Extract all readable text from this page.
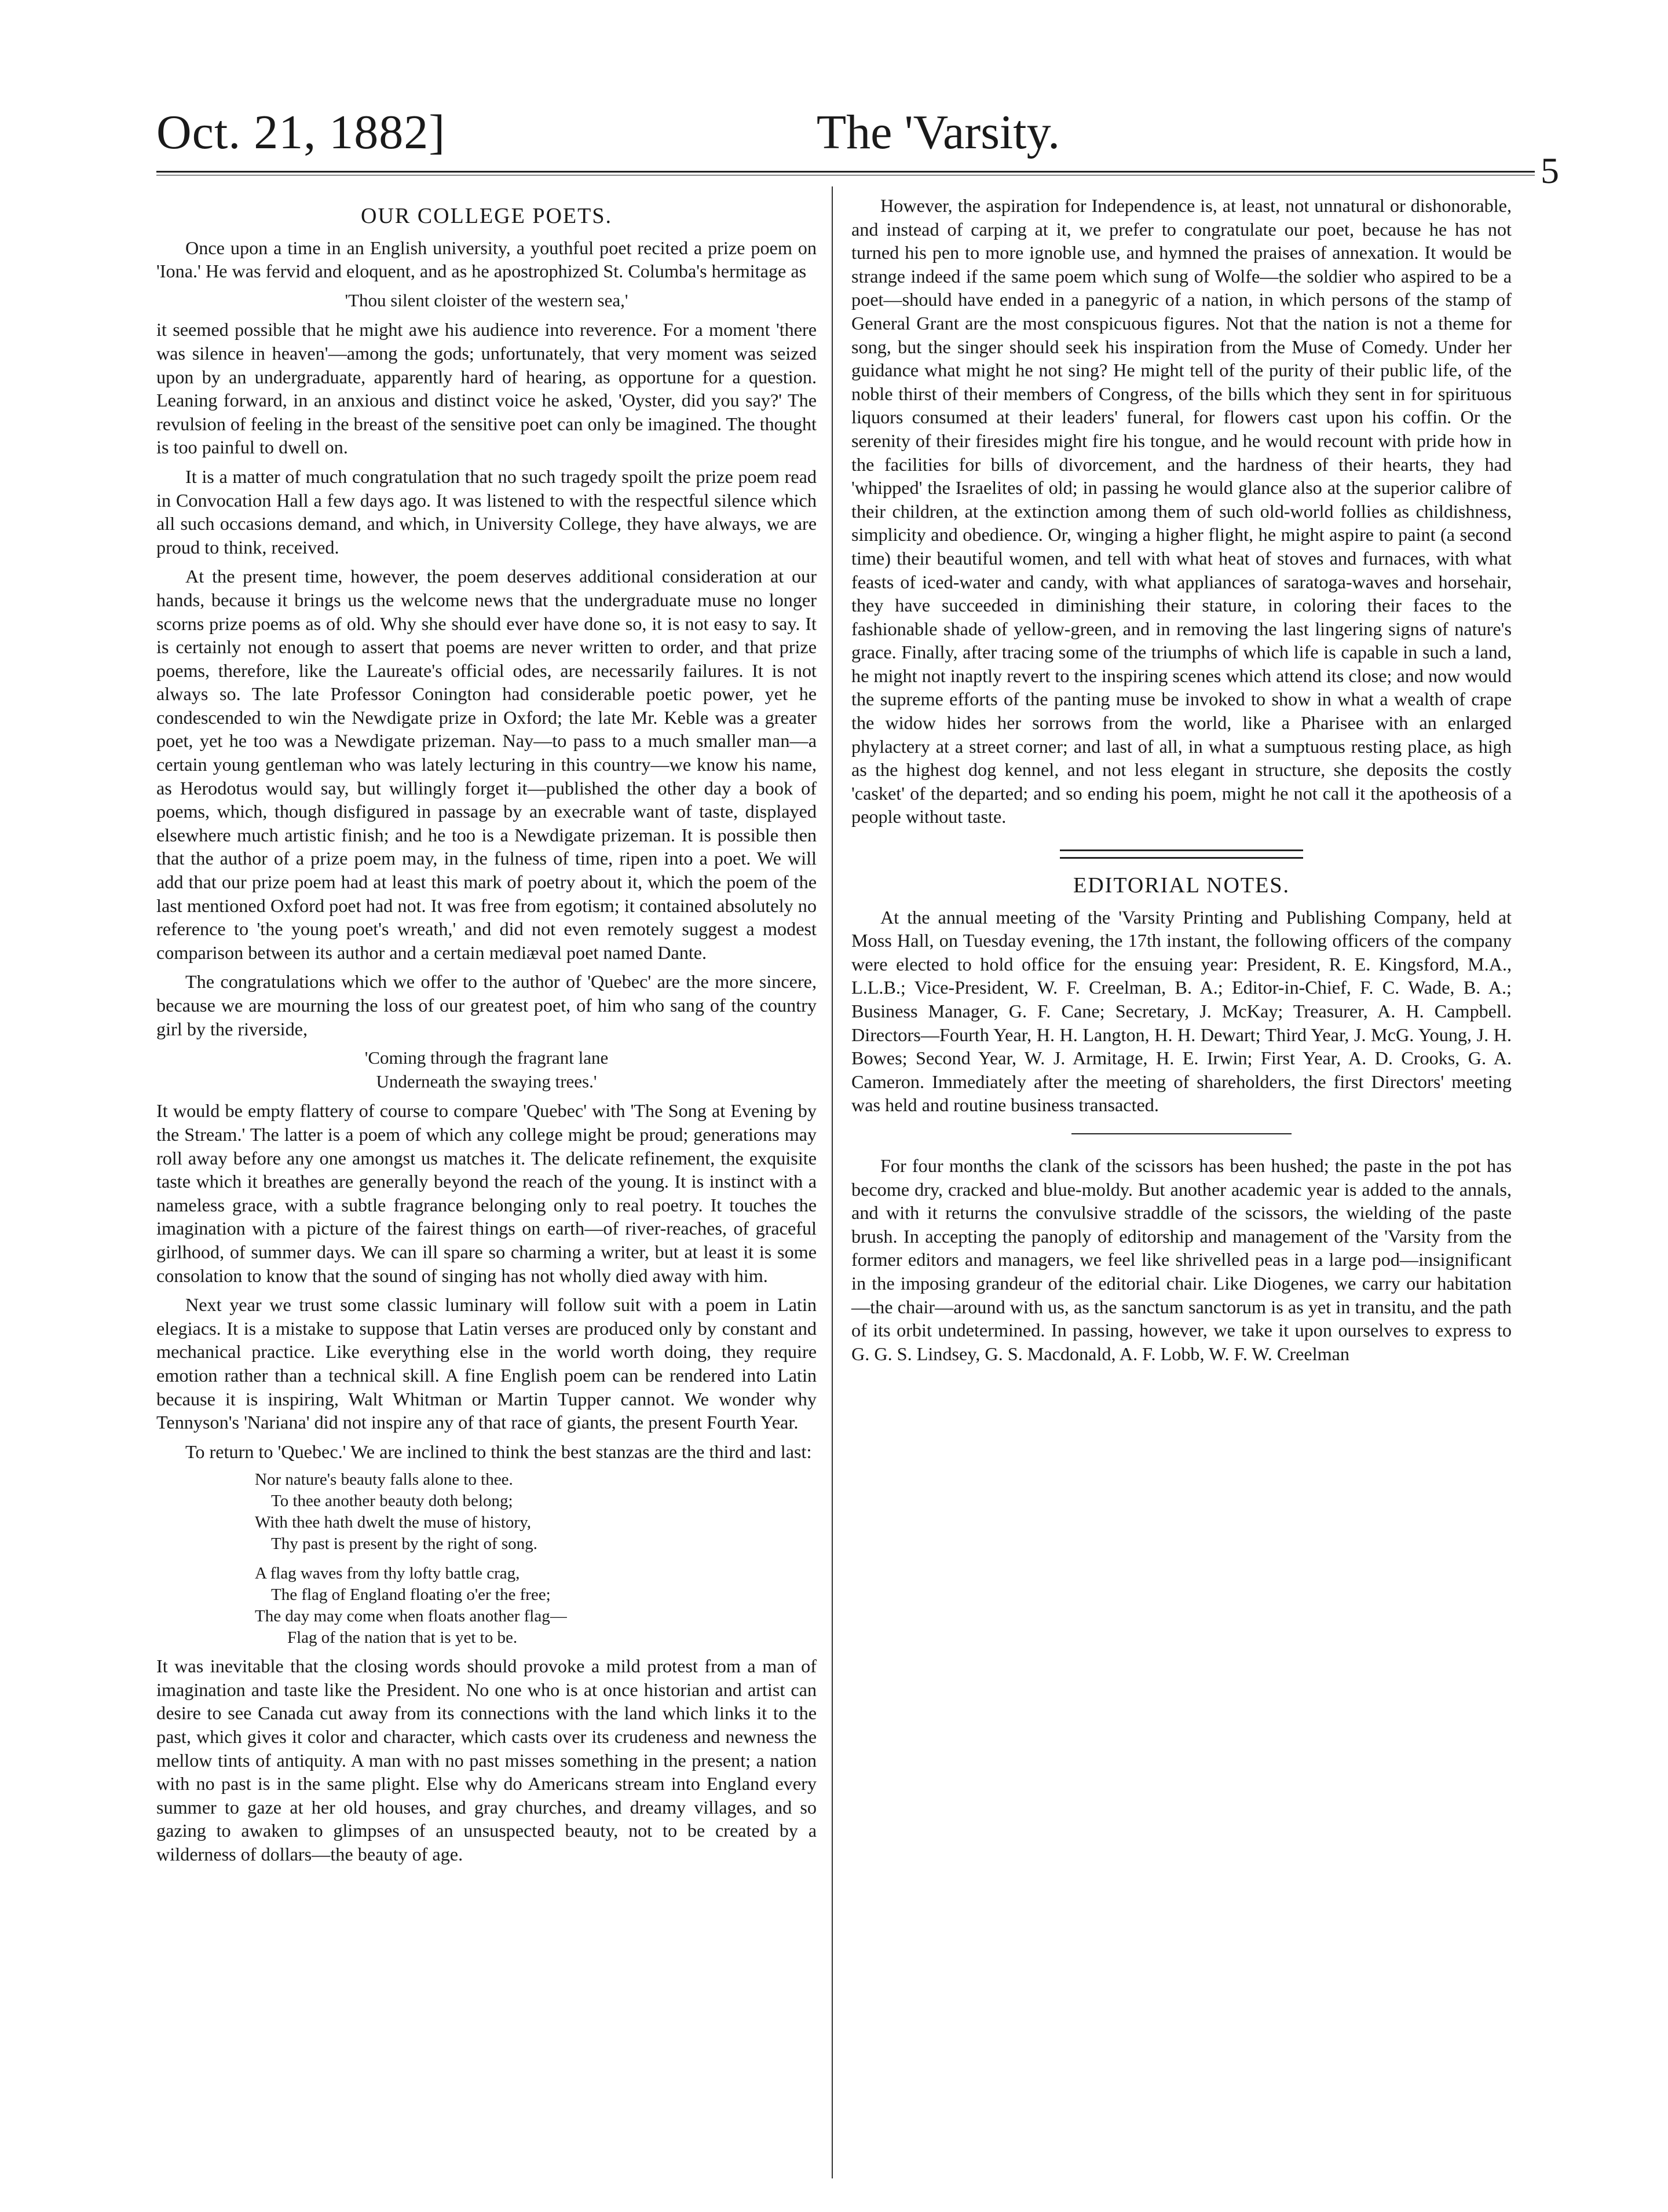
Oct. 21, 1882]	The 'Varsity.
5
OUR COLLEGE POETS.

Once upon a time in an English university, a youthful poet recited a prize poem on 'Iona.' He was fervid and eloquent, and as he apostrophized St. Columba's hermitage as

'Thou silent cloister of the western sea,'

it seemed possible that he might awe his audience into reverence. For a moment 'there was silence in heaven'—among the gods; unfortunately, that very moment was seized upon by an undergraduate, apparently hard of hearing, as opportune for a question. Leaning forward, in an anxious and distinct voice he asked, 'Oyster, did you say?' The revulsion of feeling in the breast of the sensitive poet can only be imagined. The thought is too painful to dwell on.

It is a matter of much congratulation that no such tragedy spoilt the prize poem read in Convocation Hall a few days ago. It was listened to with the respectful silence which all such occasions demand, and which, in University College, they have always, we are proud to think, received.

At the present time, however, the poem deserves additional consideration at our hands, because it brings us the welcome news that the undergraduate muse no longer scorns prize poems as of old. Why she should ever have done so, it is not easy to say. It is certainly not enough to assert that poems are never written to order, and that prize poems, therefore, like the Laureate's official odes, are necessarily failures. It is not always so. The late Professor Conington had considerable poetic power, yet he condescended to win the Newdigate prize in Oxford; the late Mr. Keble was a greater poet, yet he too was a Newdigate prizeman. Nay—to pass to a much smaller man—a certain young gentleman who was lately lecturing in this country—we know his name, as Herodotus would say, but willingly forget it—published the other day a book of poems, which, though disfigured in passage by an execrable want of taste, displayed elsewhere much artistic finish; and he too is a Newdigate prizeman. It is possible then that the author of a prize poem may, in the fulness of time, ripen into a poet. We will add that our prize poem had at least this mark of poetry about it, which the poem of the last mentioned Oxford poet had not. It was free from egotism; it contained absolutely no reference to 'the young poet's wreath,' and did not even remotely suggest a modest comparison between its author and a certain mediæval poet named Dante.

The congratulations which we offer to the author of 'Quebec' are the more sincere, because we are mourning the loss of our greatest poet, of him who sang of the country girl by the riverside,

'Coming through the fragrant lane
Underneath the swaying trees.'

It would be empty flattery of course to compare 'Quebec' with 'The Song at Evening by the Stream.' The latter is a poem of which any college might be proud; generations may roll away before any one amongst us matches it. The delicate refinement, the exquisite taste which it breathes are generally beyond the reach of the young. It is instinct with a nameless grace, with a subtle fragrance belonging only to real poetry. It touches the imagination with a picture of the fairest things on earth—of river-reaches, of graceful girlhood, of summer days. We can ill spare so charming a writer, but at least it is some consolation to know that the sound of singing has not wholly died away with him.

Next year we trust some classic luminary will follow suit with a poem in Latin elegiacs. It is a mistake to suppose that Latin verses are produced only by constant and mechanical practice. Like everything else in the world worth doing, they require emotion rather than a technical skill. A fine English poem can be rendered into Latin because it is inspiring, Walt Whitman or Martin Tupper cannot. We wonder why Tennyson's 'Nariana' did not inspire any of that race of giants, the present Fourth Year.

To return to 'Quebec.' We are inclined to think the best stanzas are the third and last:

Nor nature's beauty falls alone to thee.
To thee another beauty doth belong;
With thee hath dwelt the muse of history,
Thy past is present by the right of song.
A flag waves from thy lofty battle crag,
The flag of England floating o'er the free;
The day may come when floats another flag—
Flag of the nation that is yet to be.

It was inevitable that the closing words should provoke a mild protest from a man of imagination and taste like the President. No one who is at once historian and artist can desire to see Canada cut away from its connections with the land which links it to the past, which gives it color and character, which casts over its crudeness and newness the mellow tints of antiquity. A man with no past misses something in the present; a nation with no past is in the same plight. Else why do Americans stream into England every summer to gaze at her old houses, and gray churches, and dreamy villages, and so gazing to awaken to glimpses of an unsuspected beauty, not to be created by a wilderness of dollars—the beauty of age.

However, the aspiration for Independence is, at least, not unnatural or dishonorable, and instead of carping at it, we prefer to congratulate our poet, because he has not turned his pen to more ignoble use, and hymned the praises of annexation. It would be strange indeed if the same poem which sung of Wolfe—the soldier who aspired to be a poet—should have ended in a panegyric of a nation, in which persons of the stamp of General Grant are the most conspicuous figures. Not that the nation is not a theme for song, but the singer should seek his inspiration from the Muse of Comedy. Under her guidance what might he not sing? He might tell of the purity of their public life, of the noble thirst of their members of Congress, of the bills which they sent in for spirituous liquors consumed at their leaders' funeral, for flowers cast upon his coffin. Or the serenity of their firesides might fire his tongue, and he would recount with pride how in the facilities for bills of divorcement, and the hardness of their hearts, they had 'whipped' the Israelites of old; in passing he would glance also at the superior calibre of their children, at the extinction among them of such old-world follies as childishness, simplicity and obedience. Or, winging a higher flight, he might aspire to paint (a second time) their beautiful women, and tell with what heat of stoves and furnaces, with what feasts of iced-water and candy, with what appliances of saratoga-waves and horsehair, they have succeeded in diminishing their stature, in coloring their faces to the fashionable shade of yellow-green, and in removing the last lingering signs of nature's grace. Finally, after tracing some of the triumphs of which life is capable in such a land, he might not inaptly revert to the inspiring scenes which attend its close; and now would the supreme efforts of the panting muse be invoked to show in what a wealth of crape the widow hides her sorrows from the world, like a Pharisee with an enlarged phylactery at a street corner; and last of all, in what a sumptuous resting place, as high as the highest dog kennel, and not less elegant in structure, she deposits the costly 'casket' of the departed; and so ending his poem, might he not call it the apotheosis of a people without taste.

EDITORIAL NOTES.

At the annual meeting of the 'Varsity Printing and Publishing Company, held at Moss Hall, on Tuesday evening, the 17th instant, the following officers of the company were elected to hold office for the ensuing year: President, R. E. Kingsford, M.A., L.L.B.; Vice-President, W. F. Creelman, B. A.; Editor-in-Chief, F. C. Wade, B. A.; Business Manager, G. F. Cane; Secretary, J. McKay; Treasurer, A. H. Campbell. Directors—Fourth Year, H. H. Langton, H. H. Dewart; Third Year, J. McG. Young, J. H. Bowes; Second Year, W. J. Armitage, H. E. Irwin; First Year, A. D. Crooks, G. A. Cameron. Immediately after the meeting of shareholders, the first Directors' meeting was held and routine business transacted.

For four months the clank of the scissors has been hushed; the paste in the pot has become dry, cracked and blue-moldy. But another academic year is added to the annals, and with it returns the convulsive straddle of the scissors, the wielding of the paste brush. In accepting the panoply of editorship and management of the 'Varsity from the former editors and managers, we feel like shrivelled peas in a large pod—insignificant in the imposing grandeur of the editorial chair. Like Diogenes, we carry our habitation—the chair—around with us, as the sanctum sanctorum is as yet in transitu, and the path of its orbit undetermined. In passing, however, we take it upon ourselves to express to G. G. S. Lindsey, G. S. Macdonald, A. F. Lobb, W. F. W. Creelman
